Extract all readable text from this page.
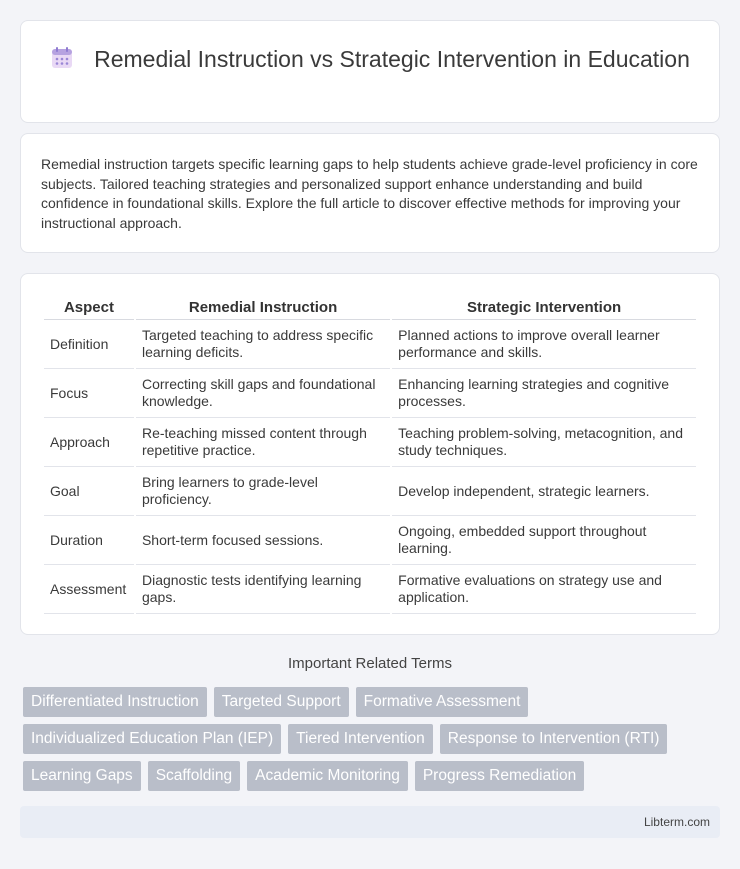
Remedial Instruction vs Strategic Intervention in Education

Remedial instruction targets specific learning gaps to help students achieve grade-level proficiency in core subjects. Tailored teaching strategies and personalized support enhance understanding and build confidence in foundational skills. Explore the full article to discover effective methods for improving your instructional approach.

Aspect	Remedial Instruction	Strategic Intervention
Definition	Targeted teaching to address specific learning deficits.	Planned actions to improve overall learner performance and skills.
Focus	Correcting skill gaps and foundational knowledge.	Enhancing learning strategies and cognitive processes.
Approach	Re-teaching missed content through repetitive practice.	Teaching problem-solving, metacognition, and study techniques.
Goal	Bring learners to grade-level proficiency.	Develop independent, strategic learners.
Duration	Short-term focused sessions.	Ongoing, embedded support throughout learning.
Assessment	Diagnostic tests identifying learning gaps.	Formative evaluations on strategy use and application.
Important Related Terms
Differentiated Instruction	Targeted Support	Formative Assessment
Individualized Education Plan (IEP)	Tiered Intervention	Response to Intervention (RTI)
Learning Gaps	Scaffolding	Academic Monitoring	Progress Remediation
Libterm.com
